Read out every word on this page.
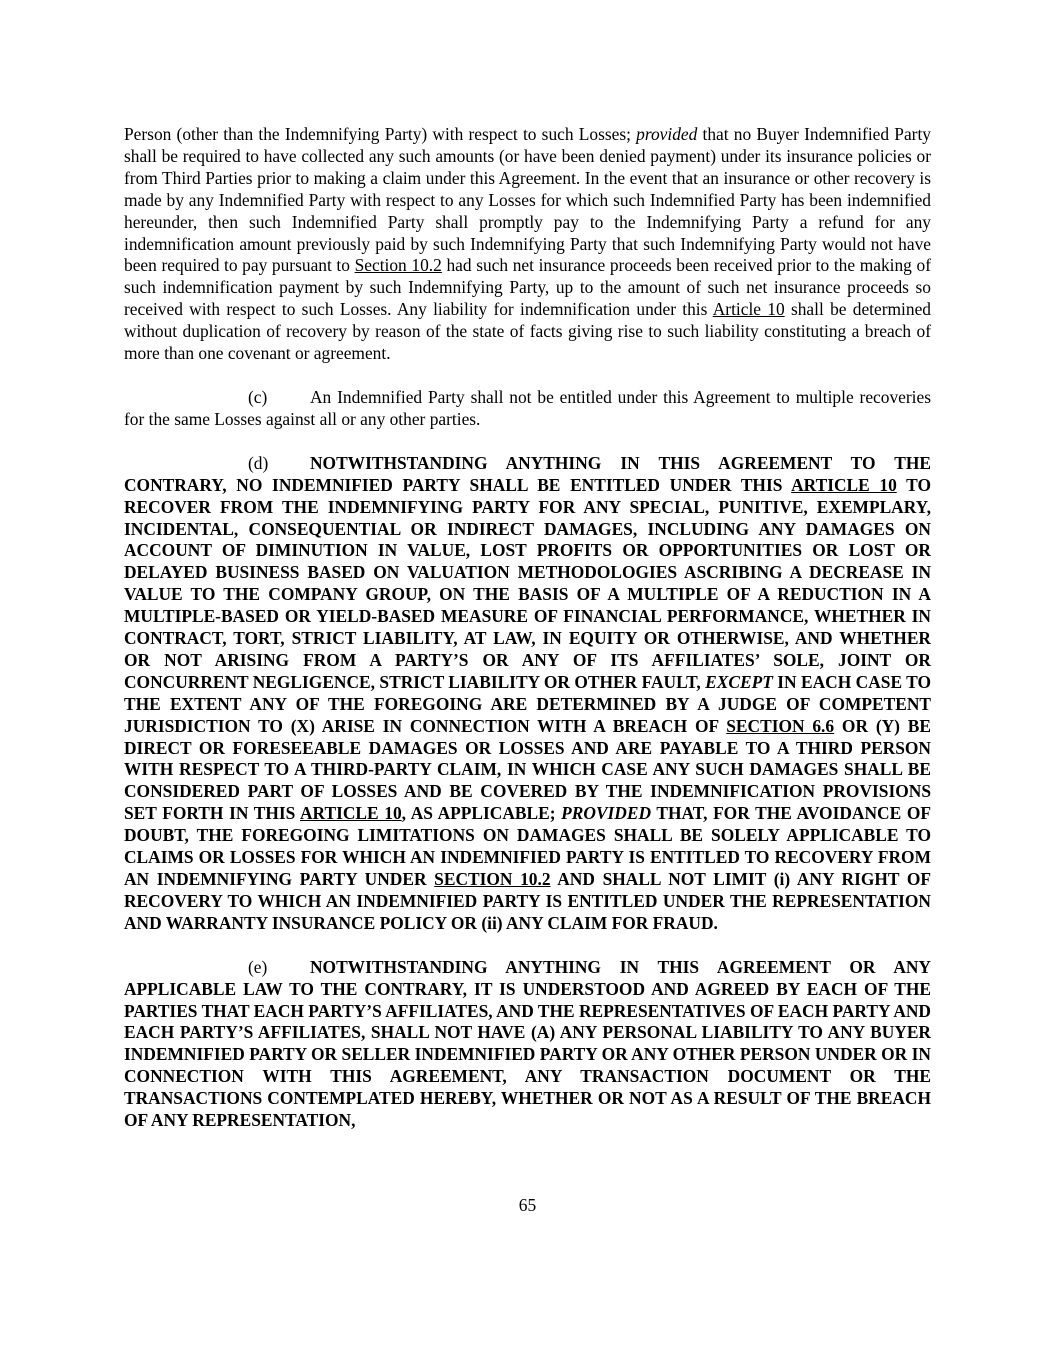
Person (other than the Indemnifying Party) with respect to such Losses; provided that no Buyer Indemnified Party shall be required to have collected any such amounts (or have been denied payment) under its insurance policies or from Third Parties prior to making a claim under this Agreement. In the event that an insurance or other recovery is made by any Indemnified Party with respect to any Losses for which such Indemnified Party has been indemnified hereunder, then such Indemnified Party shall promptly pay to the Indemnifying Party a refund for any indemnification amount previously paid by such Indemnifying Party that such Indemnifying Party would not have been required to pay pursuant to Section 10.2 had such net insurance proceeds been received prior to the making of such indemnification payment by such Indemnifying Party, up to the amount of such net insurance proceeds so received with respect to such Losses. Any liability for indemnification under this Article 10 shall be determined without duplication of recovery by reason of the state of facts giving rise to such liability constituting a breach of more than one covenant or agreement.

(c) An Indemnified Party shall not be entitled under this Agreement to multiple recoveries for the same Losses against all or any other parties.

(d) NOTWITHSTANDING ANYTHING IN THIS AGREEMENT TO THE CONTRARY, NO INDEMNIFIED PARTY SHALL BE ENTITLED UNDER THIS ARTICLE 10 TO RECOVER FROM THE INDEMNIFYING PARTY FOR ANY SPECIAL, PUNITIVE, EXEMPLARY, INCIDENTAL, CONSEQUENTIAL OR INDIRECT DAMAGES, INCLUDING ANY DAMAGES ON ACCOUNT OF DIMINUTION IN VALUE, LOST PROFITS OR OPPORTUNITIES OR LOST OR DELAYED BUSINESS BASED ON VALUATION METHODOLOGIES ASCRIBING A DECREASE IN VALUE TO THE COMPANY GROUP, ON THE BASIS OF A MULTIPLE OF A REDUCTION IN A MULTIPLE-BASED OR YIELD-BASED MEASURE OF FINANCIAL PERFORMANCE, WHETHER IN CONTRACT, TORT, STRICT LIABILITY, AT LAW, IN EQUITY OR OTHERWISE, AND WHETHER OR NOT ARISING FROM A PARTY’S OR ANY OF ITS AFFILIATES’ SOLE, JOINT OR CONCURRENT NEGLIGENCE, STRICT LIABILITY OR OTHER FAULT, EXCEPT IN EACH CASE TO THE EXTENT ANY OF THE FOREGOING ARE DETERMINED BY A JUDGE OF COMPETENT JURISDICTION TO (X) ARISE IN CONNECTION WITH A BREACH OF SECTION 6.6 OR (Y) BE DIRECT OR FORESEEABLE DAMAGES OR LOSSES AND ARE PAYABLE TO A THIRD PERSON WITH RESPECT TO A THIRD-PARTY CLAIM, IN WHICH CASE ANY SUCH DAMAGES SHALL BE CONSIDERED PART OF LOSSES AND BE COVERED BY THE INDEMNIFICATION PROVISIONS SET FORTH IN THIS ARTICLE 10, AS APPLICABLE; PROVIDED THAT, FOR THE AVOIDANCE OF DOUBT, THE FOREGOING LIMITATIONS ON DAMAGES SHALL BE SOLELY APPLICABLE TO CLAIMS OR LOSSES FOR WHICH AN INDEMNIFIED PARTY IS ENTITLED TO RECOVERY FROM AN INDEMNIFYING PARTY UNDER SECTION 10.2 AND SHALL NOT LIMIT (i) ANY RIGHT OF RECOVERY TO WHICH AN INDEMNIFIED PARTY IS ENTITLED UNDER THE REPRESENTATION AND WARRANTY INSURANCE POLICY OR (ii) ANY CLAIM FOR FRAUD.

(e) NOTWITHSTANDING ANYTHING IN THIS AGREEMENT OR ANY APPLICABLE LAW TO THE CONTRARY, IT IS UNDERSTOOD AND AGREED BY EACH OF THE PARTIES THAT EACH PARTY’S AFFILIATES, AND THE REPRESENTATIVES OF EACH PARTY AND EACH PARTY’S AFFILIATES, SHALL NOT HAVE (A) ANY PERSONAL LIABILITY TO ANY BUYER INDEMNIFIED PARTY OR SELLER INDEMNIFIED PARTY OR ANY OTHER PERSON UNDER OR IN CONNECTION WITH THIS AGREEMENT, ANY TRANSACTION DOCUMENT OR THE TRANSACTIONS CONTEMPLATED HEREBY, WHETHER OR NOT AS A RESULT OF THE BREACH OF ANY REPRESENTATION,

65
